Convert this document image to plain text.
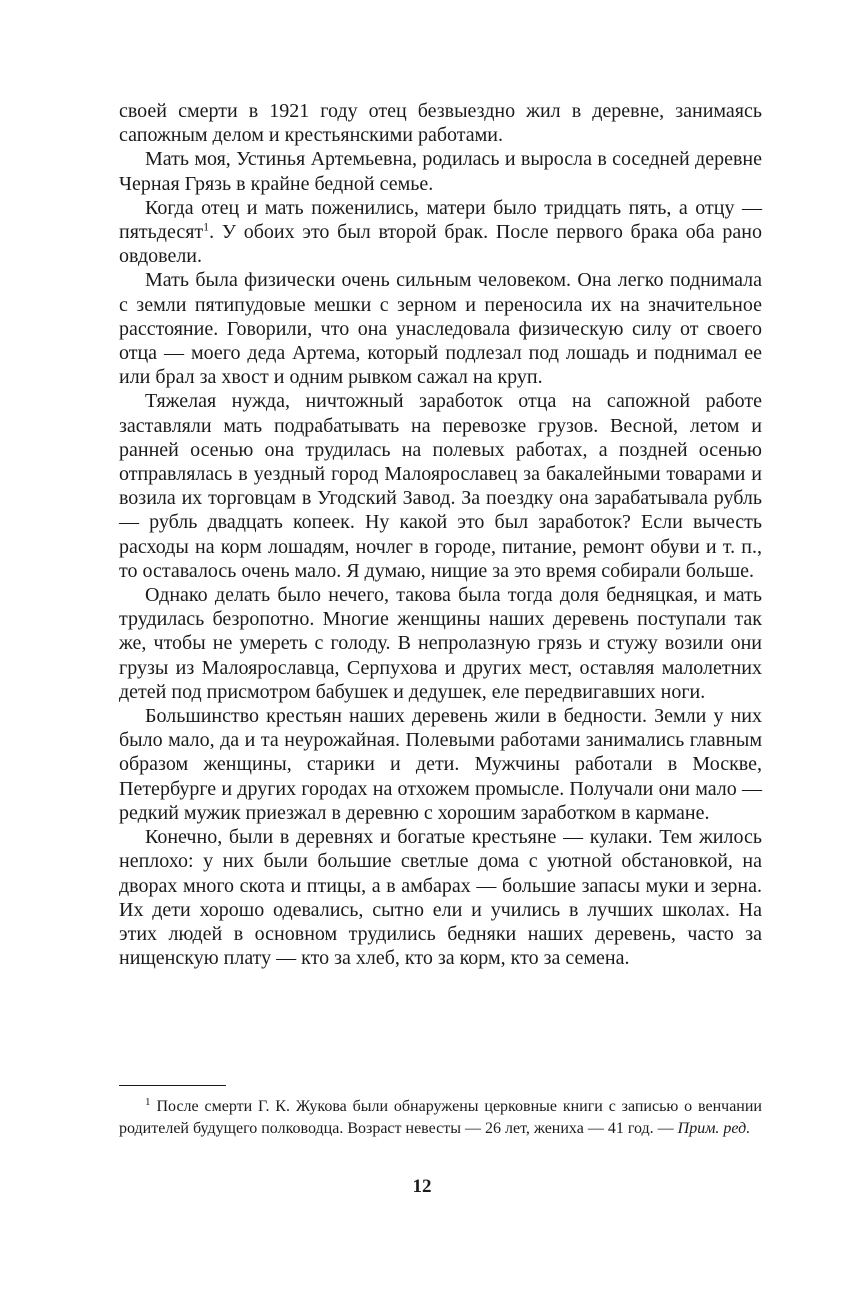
своей смерти в 1921 году отец безвыездно жил в деревне, занимаясь сапожным делом и крестьянскими работами.

Мать моя, Устинья Артемьевна, родилась и выросла в соседней деревне Черная Грязь в крайне бедной семье.

Когда отец и мать поженились, матери было тридцать пять, а отцу — пятьдесят$^1$. У обоих это был второй брак. После первого брака оба рано овдовели.

Мать была физически очень сильным человеком. Она легко поднимала с земли пятипудовые мешки с зерном и переносила их на значительное расстояние. Говорили, что она унаследовала физическую силу от своего отца — моего деда Артема, который подлезал под лошадь и поднимал ее или брал за хвост и одним рывком сажал на круп.

Тяжелая нужда, ничтожный заработок отца на сапожной работе заставляли мать подрабатывать на перевозке грузов. Весной, летом и ранней осенью она трудилась на полевых работах, а поздней осенью отправлялась в уездный город Малоярославец за бакалейными товарами и возила их торговцам в Угодский Завод. За поездку она зарабатывала рубль — рубль двадцать копеек. Ну какой это был заработок? Если вычесть расходы на корм лошадям, ночлег в городе, питание, ремонт обуви и т. п., то оставалось очень мало. Я думаю, нищие за это время собирали больше.

Однако делать было нечего, такова была тогда доля бедняцкая, и мать трудилась безропотно. Многие женщины наших деревень поступали так же, чтобы не умереть с голоду. В непролазную грязь и стужу возили они грузы из Малоярославца, Серпухова и других мест, оставляя малолетних детей под присмотром бабушек и дедушек, еле передвигавших ноги.

Большинство крестьян наших деревень жили в бедности. Земли у них было мало, да и та неурожайная. Полевыми работами занимались главным образом женщины, старики и дети. Мужчины работали в Москве, Петербурге и других городах на отхожем промысле. Получали они мало — редкий мужик приезжал в деревню с хорошим заработком в кармане.

Конечно, были в деревнях и богатые крестьяне — кулаки. Тем жилось неплохо: у них были большие светлые дома с уютной обстановкой, на дворах много скота и птицы, а в амбарах — большие запасы муки и зерна. Их дети хорошо одевались, сытно ели и учились в лучших школах. На этих людей в основном трудились бедняки наших деревень, часто за нищенскую плату — кто за хлеб, кто за корм, кто за семена.

$^1$ После смерти Г. К. Жукова были обнаружены церковные книги с записью о венчании родителей будущего полководца. Возраст невесты — 26 лет, жениха — 41 год. — Прим. ред.

12
